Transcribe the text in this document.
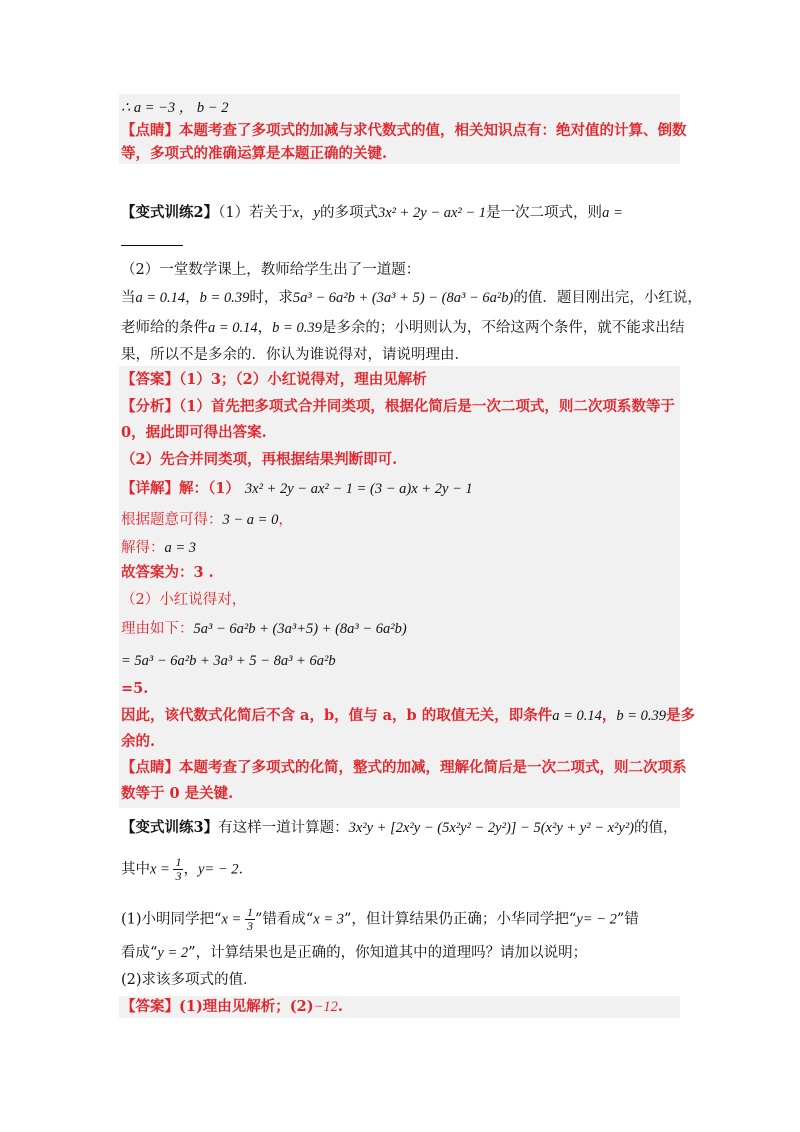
∴ a = −3 ， b − 2
【点睛】本题考查了多项式的加减与求代数式的值，相关知识点有：绝对值的计算、倒数
等，多项式的准确运算是本题正确的关键.
【变式训练2】（1）若关于x，y的多项式3x² + 2y − ax² − 1是一次二项式，则a =
（2）一堂数学课上，教师给学生出了一道题：
当a = 0.14，b = 0.39时，求5a³ − 6a²b + (3a³ + 5) − (8a³ − 6a²b)的值．题目刚出完，小红说，
老师给的条件a = 0.14，b = 0.39是多余的；小明则认为，不给这两个条件，就不能求出结
果，所以不是多余的．你认为谁说得对，请说明理由．
【答案】（1）3；（2）小红说得对，理由见解析
【分析】（1）首先把多项式合并同类项，根据化简后是一次二项式，则二次项系数等于
0，据此即可得出答案.
（2）先合并同类项，再根据结果判断即可.
【详解】解：（1） 3x² + 2y − ax² − 1 = (3 − a)x + 2y − 1
根据题意可得：3 − a = 0，
解得：a = 3
故答案为：3 .
（2）小红说得对，
理由如下：5a³ − 6a²b + (3a³+5) + (8a³ − 6a²b)
= 5a³ − 6a²b + 3a³ + 5 − 8a³ + 6a²b
=5.
因此，该代数式化简后不含 a，b，值与 a，b 的取值无关，即条件a = 0.14，b = 0.39是多
余的.
【点睛】本题考查了多项式的化简，整式的加减，理解化简后是一次二项式，则二次项系
数等于 0 是关键.
【变式训练3】有这样一道计算题：3x²y + [2x²y − (5x²y² − 2y²)] − 5(x²y + y² − x²y²)的值，
其中$x = \frac{1}{3}$ ，y= − 2．
(1)小明同学把“$x = \frac{1}{3}$ ”错看成“x = 3”，但计算结果仍正确；小华同学把“y= − 2”错
看成“y = 2”，计算结果也是正确的，你知道其中的道理吗？请加以说明；
(2)求该多项式的值．
【答案】(1)理由见解析；(2)−12.
